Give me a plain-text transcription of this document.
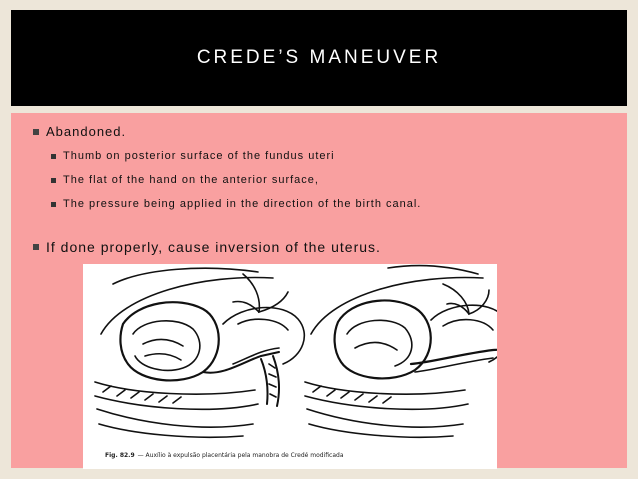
CREDE’S MANEUVER
Abandoned.
Thumb on posterior surface of the fundus uteri
The flat of the hand on the anterior surface,
The pressure being applied in the direction of the birth canal.
If done properly, cause inversion of the uterus.
Fig. 82.9 — Auxílio à expulsão placentária pela manobra de Credé modificada
